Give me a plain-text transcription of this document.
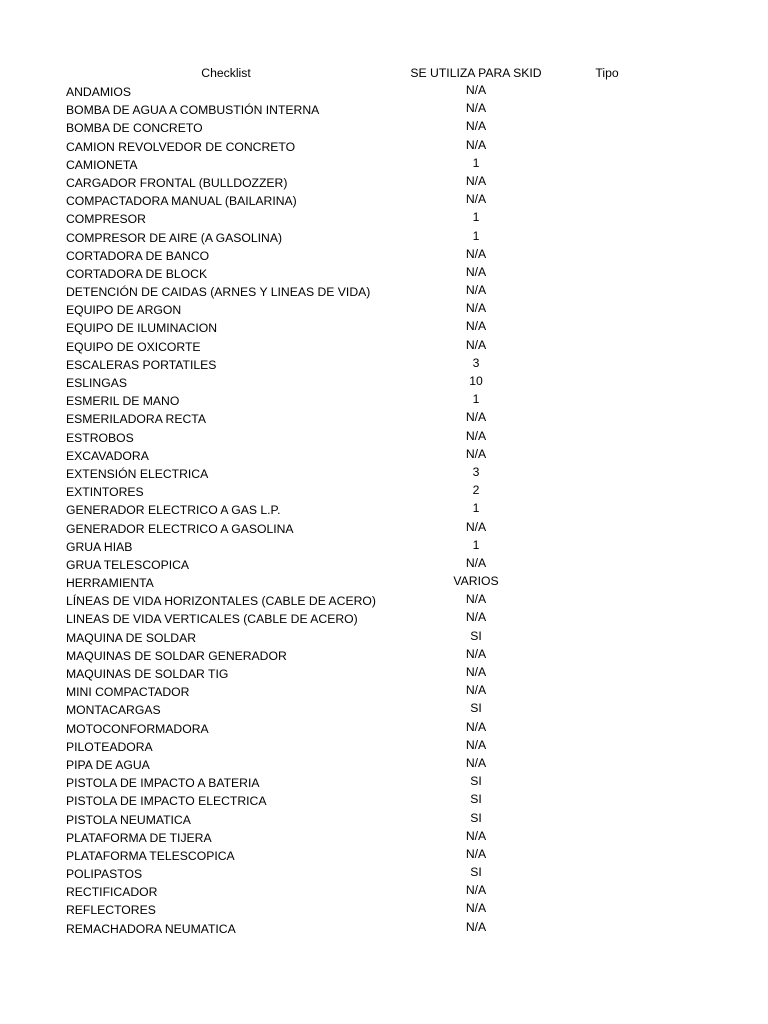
Checklist	SE UTILIZA PARA SKID	Tipo
ANDAMIOS	N/A
BOMBA DE AGUA A COMBUSTIÓN INTERNA	N/A
BOMBA DE CONCRETO	N/A
CAMION REVOLVEDOR DE CONCRETO	N/A
CAMIONETA	1
CARGADOR FRONTAL (BULLDOZZER)	N/A
COMPACTADORA MANUAL (BAILARINA)	N/A
COMPRESOR	1
COMPRESOR DE AIRE (A GASOLINA)	1
CORTADORA DE BANCO	N/A
CORTADORA DE BLOCK	N/A
DETENCIÓN DE CAIDAS (ARNES Y LINEAS DE VIDA)	N/A
EQUIPO DE ARGON	N/A
EQUIPO DE ILUMINACION	N/A
EQUIPO DE OXICORTE	N/A
ESCALERAS PORTATILES	3
ESLINGAS	10
ESMERIL DE MANO	1
ESMERILADORA RECTA	N/A
ESTROBOS	N/A
EXCAVADORA	N/A
EXTENSIÓN ELECTRICA	3
EXTINTORES	2
GENERADOR ELECTRICO A GAS L.P.	1
GENERADOR ELECTRICO A GASOLINA	N/A
GRUA HIAB	1
GRUA TELESCOPICA	N/A
HERRAMIENTA	VARIOS
LÍNEAS DE VIDA HORIZONTALES (CABLE DE ACERO)	N/A
LINEAS DE VIDA VERTICALES (CABLE DE ACERO)	N/A
MAQUINA DE SOLDAR	SI
MAQUINAS DE SOLDAR GENERADOR	N/A
MAQUINAS DE SOLDAR TIG	N/A
MINI COMPACTADOR	N/A
MONTACARGAS	SI
MOTOCONFORMADORA	N/A
PILOTEADORA	N/A
PIPA DE AGUA	N/A
PISTOLA DE IMPACTO A BATERIA	SI
PISTOLA DE IMPACTO ELECTRICA	SI
PISTOLA NEUMATICA	SI
PLATAFORMA DE TIJERA	N/A
PLATAFORMA TELESCOPICA	N/A
POLIPASTOS	SI
RECTIFICADOR	N/A
REFLECTORES	N/A
REMACHADORA NEUMATICA	N/A
